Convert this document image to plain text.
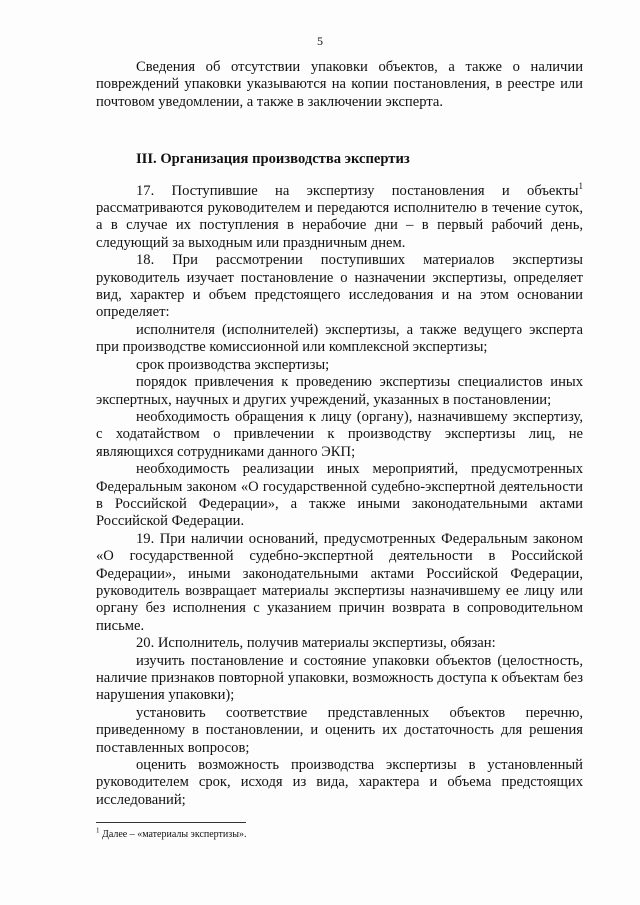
5

Сведения об отсутствии упаковки объектов, а также о наличии повреждений упаковки указываются на копии постановления, в реестре или почтовом уведомлении, а также в заключении эксперта.

III. Организация производства экспертиз

17. Поступившие на экспертизу постановления и объекты$^1$ рассматриваются руководителем и передаются исполнителю в течение суток, а в случае их поступления в нерабочие дни – в первый рабочий день, следующий за выходным или праздничным днем.

18. При рассмотрении поступивших материалов экспертизы руководитель изучает постановление о назначении экспертизы, определяет вид, характер и объем предстоящего исследования и на этом основании определяет:

исполнителя (исполнителей) экспертизы, а также ведущего эксперта при производстве комиссионной или комплексной экспертизы;

срок производства экспертизы;

порядок привлечения к проведению экспертизы специалистов иных экспертных, научных и других учреждений, указанных в постановлении;

необходимость обращения к лицу (органу), назначившему экспертизу, с ходатайством о привлечении к производству экспертизы лиц, не являющихся сотрудниками данного ЭКП;

необходимость реализации иных мероприятий, предусмотренных Федеральным законом «О государственной судебно-экспертной деятельности в Российской Федерации», а также иными законодательными актами Российской Федерации.

19. При наличии оснований, предусмотренных Федеральным законом «О государственной судебно-экспертной деятельности в Российской Федерации», иными законодательными актами Российской Федерации, руководитель возвращает материалы экспертизы назначившему ее лицу или органу без исполнения с указанием причин возврата в сопроводительном письме.

20. Исполнитель, получив материалы экспертизы, обязан:

изучить постановление и состояние упаковки объектов (целостность, наличие признаков повторной упаковки, возможность доступа к объектам без нарушения упаковки);

установить соответствие представленных объектов перечню, приведенному в постановлении, и оценить их достаточность для решения поставленных вопросов;

оценить возможность производства экспертизы в установленный руководителем срок, исходя из вида, характера и объема предстоящих исследований;

$^1$ Далее – «материалы экспертизы».
